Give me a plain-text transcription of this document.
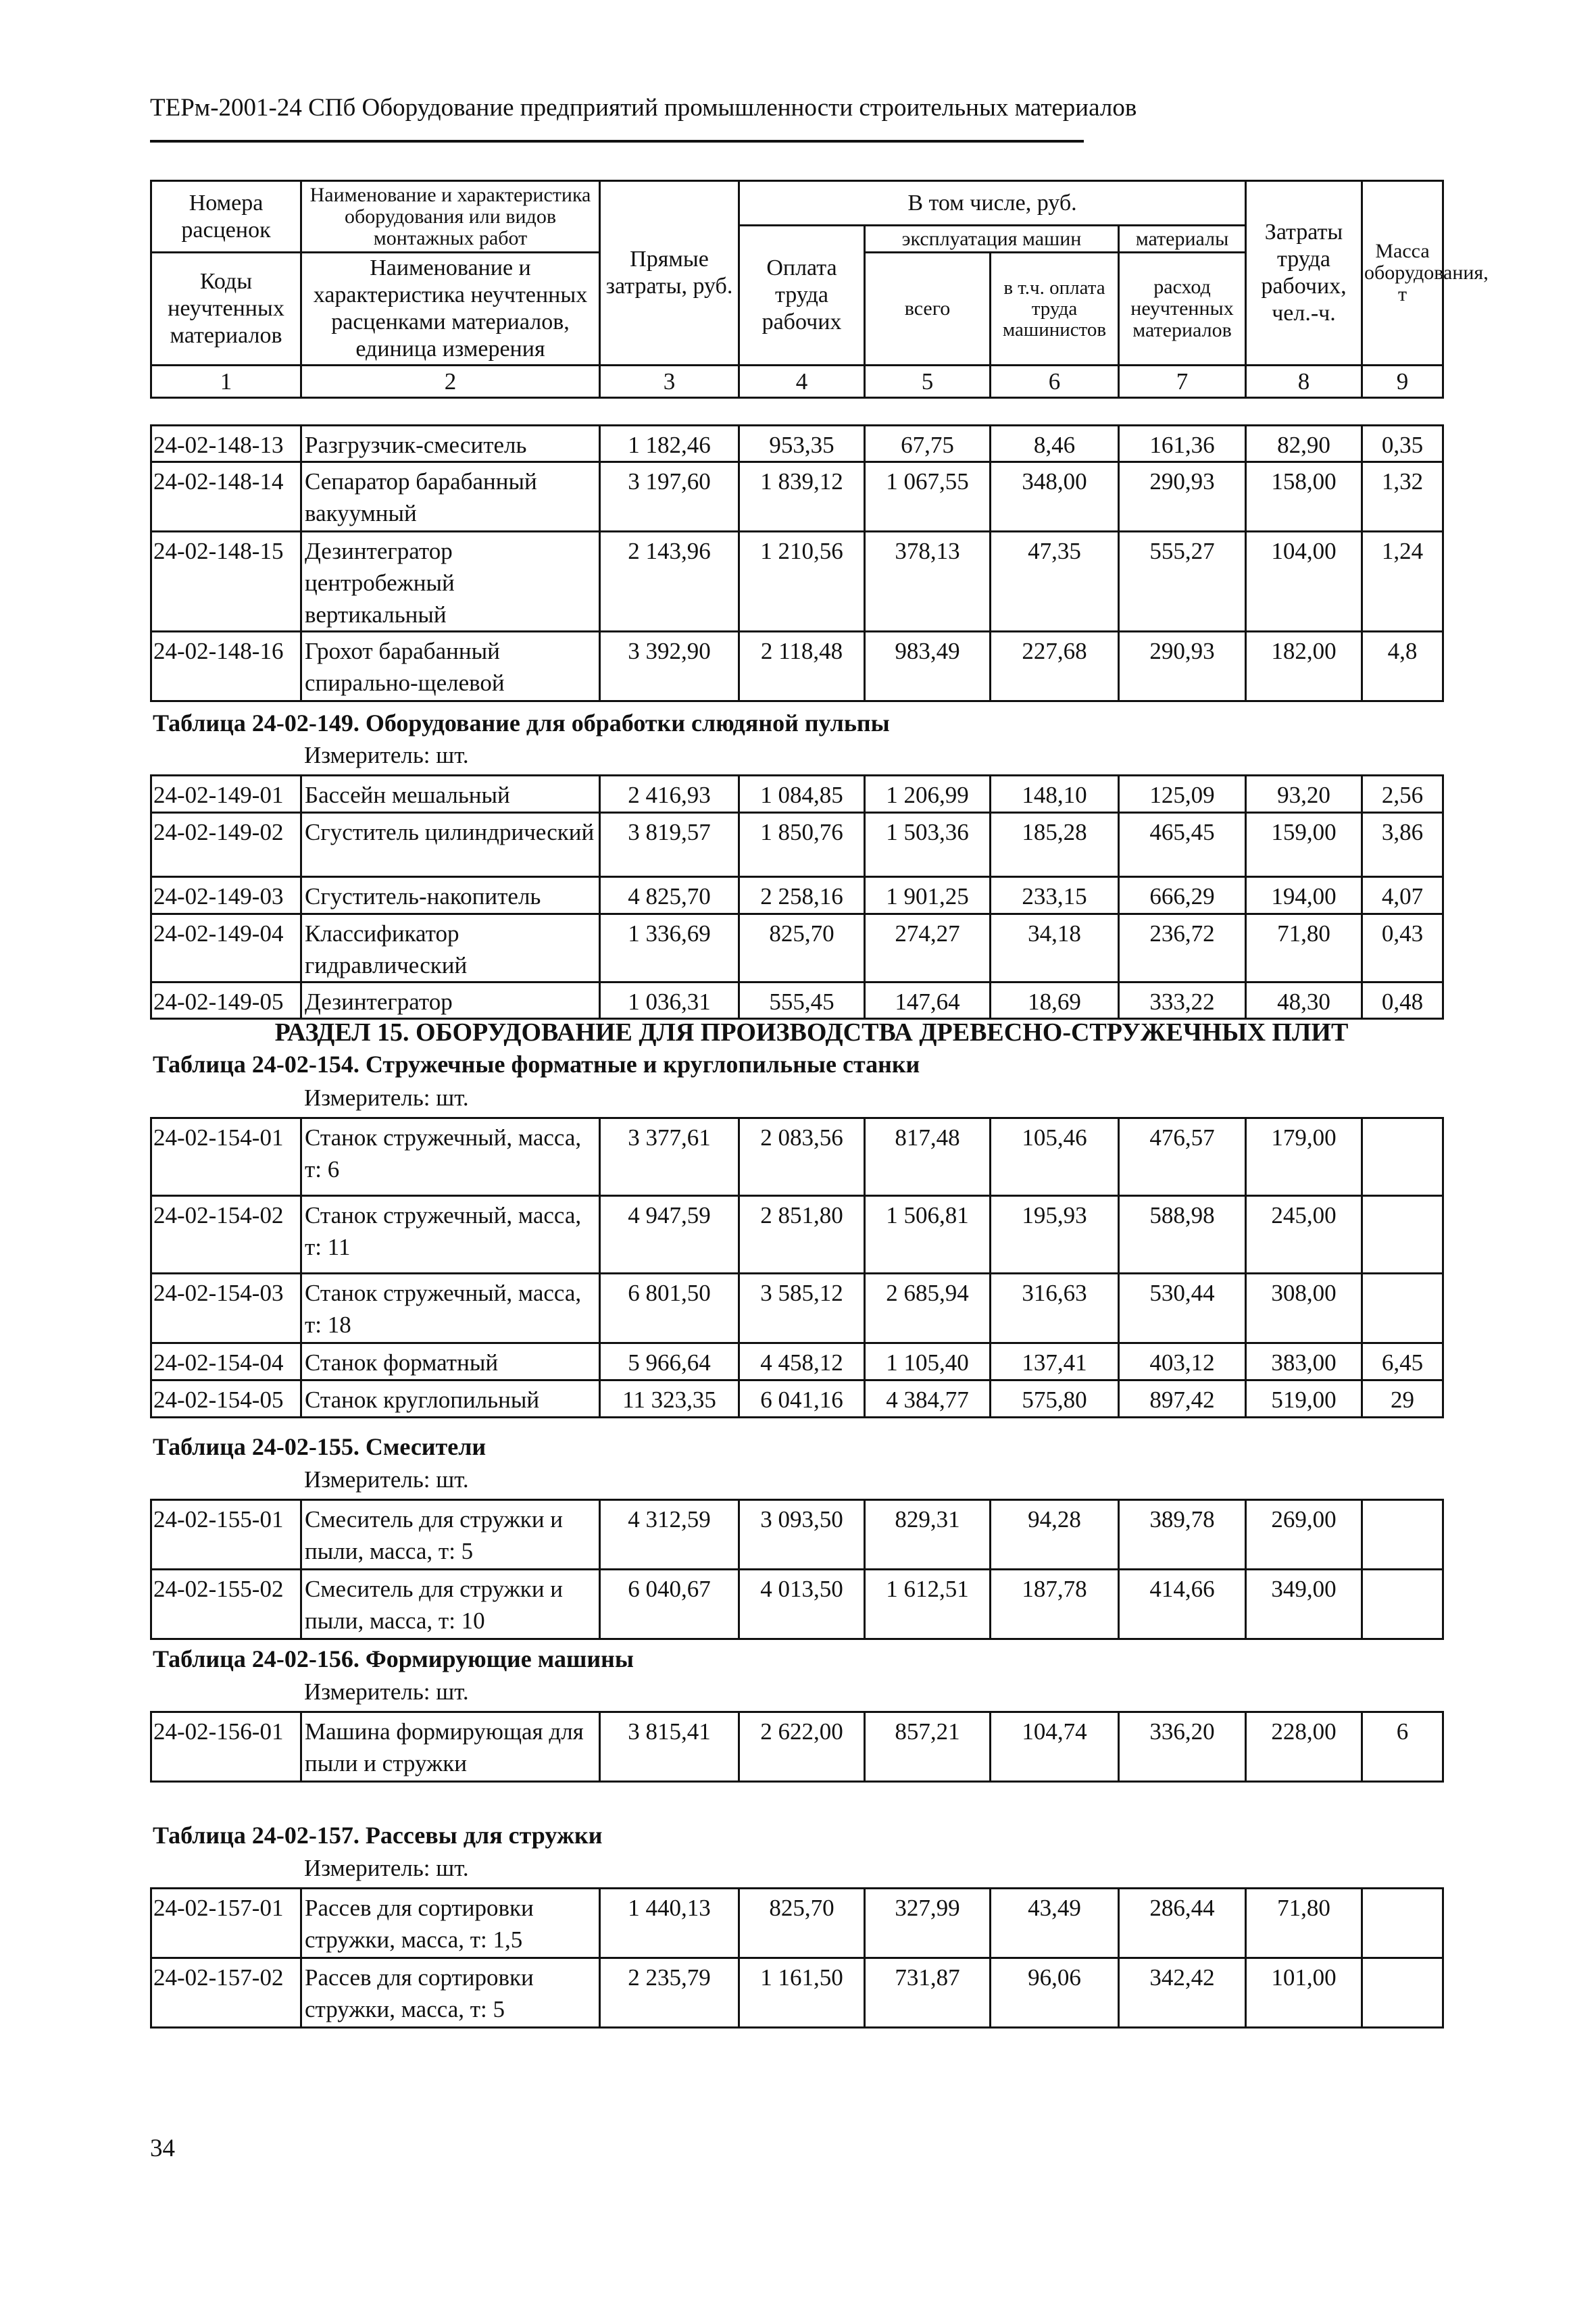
ТЕРм-2001-24 СПб Оборудование предприятий промышленности строительных материалов
Номера расценок	Наименование и характеристика оборудования или видов монтажных работ	Прямые затраты, руб.	В том числе, руб.				Затраты труда рабочих, чел.-ч.	Масса оборудования, т
			Оплата труда рабочих	эксплуатация машин		материалы		
Коды неучтенных материалов	Наименование и характеристика неучтенных расценками материалов, единица измерения			всего	в т.ч. оплата труда машинистов	расход неучтенных материалов		

1	2	3	4	5	6	7	8	9
24-02-148-13	Разгрузчик-смеситель	1 182,46	953,35	67,75	8,46	161,36	82,90	0,35
24-02-148-14	Сепаратор барабанный вакуумный	3 197,60	1 839,12	1 067,55	348,00	290,93	158,00	1,32
24-02-148-15	Дезинтегратор центробежный вертикальный	2 143,96	1 210,56	378,13	47,35	555,27	104,00	1,24
24-02-148-16	Грохот барабанный спирально-щелевой	3 392,90	2 118,48	983,49	227,68	290,93	182,00	4,8
Таблица 24-02-149. Оборудование для обработки слюдяной пульпы
Измеритель: шт.
24-02-149-01	Бассейн мешальный	2 416,93	1 084,85	1 206,99	148,10	125,09	93,20	2,56
24-02-149-02	Сгуститель цилиндрический	3 819,57	1 850,76	1 503,36	185,28	465,45	159,00	3,86
24-02-149-03	Сгуститель-накопитель	4 825,70	2 258,16	1 901,25	233,15	666,29	194,00	4,07
24-02-149-04	Классификатор гидравлический	1 336,69	825,70	274,27	34,18	236,72	71,80	0,43
24-02-149-05	Дезинтегратор	1 036,31	555,45	147,64	18,69	333,22	48,30	0,48
РАЗДЕЛ 15. ОБОРУДОВАНИЕ ДЛЯ ПРОИЗВОДСТВА ДРЕВЕСНО-СТРУЖЕЧНЫХ ПЛИТ
Таблица 24-02-154. Стружечные форматные и круглопильные станки
Измеритель: шт.
24-02-154-01	Станок стружечный, масса, т: 6	3 377,61	2 083,56	817,48	105,46	476,57	179,00	
24-02-154-02	Станок стружечный, масса, т: 11	4 947,59	2 851,80	1 506,81	195,93	588,98	245,00	
24-02-154-03	Станок стружечный, масса, т: 18	6 801,50	3 585,12	2 685,94	316,63	530,44	308,00	
24-02-154-04	Станок форматный	5 966,64	4 458,12	1 105,40	137,41	403,12	383,00	6,45
24-02-154-05	Станок круглопильный	11 323,35	6 041,16	4 384,77	575,80	897,42	519,00	29
Таблица 24-02-155. Смесители
Измеритель: шт.
24-02-155-01	Смеситель для стружки и пыли, масса, т: 5	4 312,59	3 093,50	829,31	94,28	389,78	269,00	
24-02-155-02	Смеситель для стружки и пыли, масса, т: 10	6 040,67	4 013,50	1 612,51	187,78	414,66	349,00	
Таблица 24-02-156. Формирующие машины
Измеритель: шт.
24-02-156-01	Машина формирующая для пыли и стружки	3 815,41	2 622,00	857,21	104,74	336,20	228,00	6
Таблица 24-02-157. Рассевы для стружки
Измеритель: шт.
24-02-157-01	Рассев для сортировки стружки, масса, т: 1,5	1 440,13	825,70	327,99	43,49	286,44	71,80	
24-02-157-02	Рассев для сортировки стружки, масса, т: 5	2 235,79	1 161,50	731,87	96,06	342,42	101,00	
34
